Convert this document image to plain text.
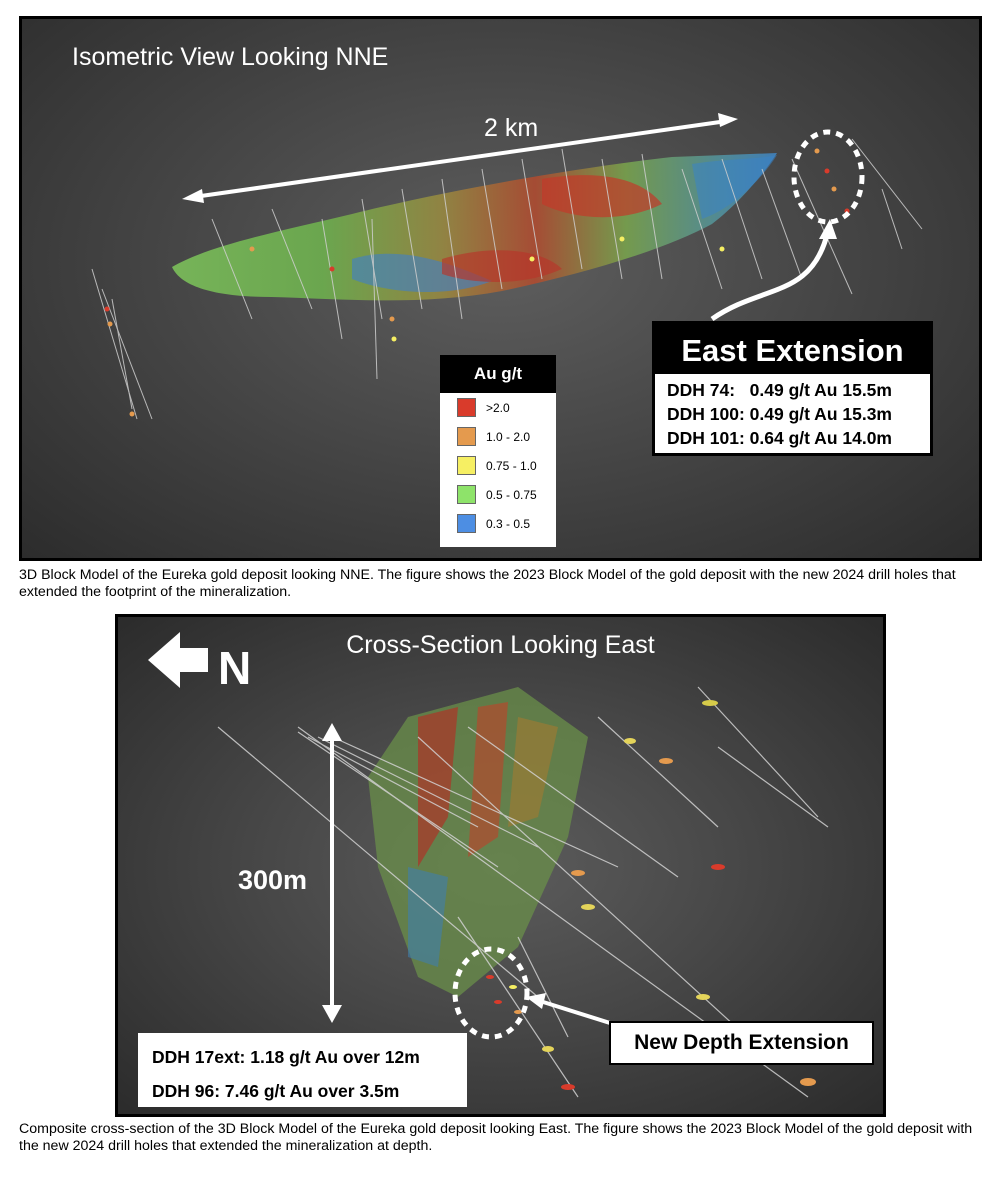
Isometric View Looking NNE
2 km
Au g/t
>2.0
1.0 - 2.0
0.75 - 1.0
0.5 - 0.75
0.3 - 0.5
East Extension
DDH 74:   0.49 g/t Au 15.5m
DDH 100: 0.49 g/t Au 15.3m
DDH 101: 0.64 g/t Au 14.0m
3D Block Model of the Eureka gold deposit looking NNE. The figure shows the 2023 Block Model of the gold deposit with the new 2024 drill holes that extended the footprint of the mineralization.
N	Cross-Section Looking East
300m
New Depth Extension
DDH 17ext: 1.18 g/t Au over 12m
DDH 96: 7.46 g/t Au over 3.5m
Composite cross-section of the 3D Block Model of the Eureka gold deposit looking East. The figure shows the 2023 Block Model of the gold deposit with the new 2024 drill holes that extended the mineralization at depth.
